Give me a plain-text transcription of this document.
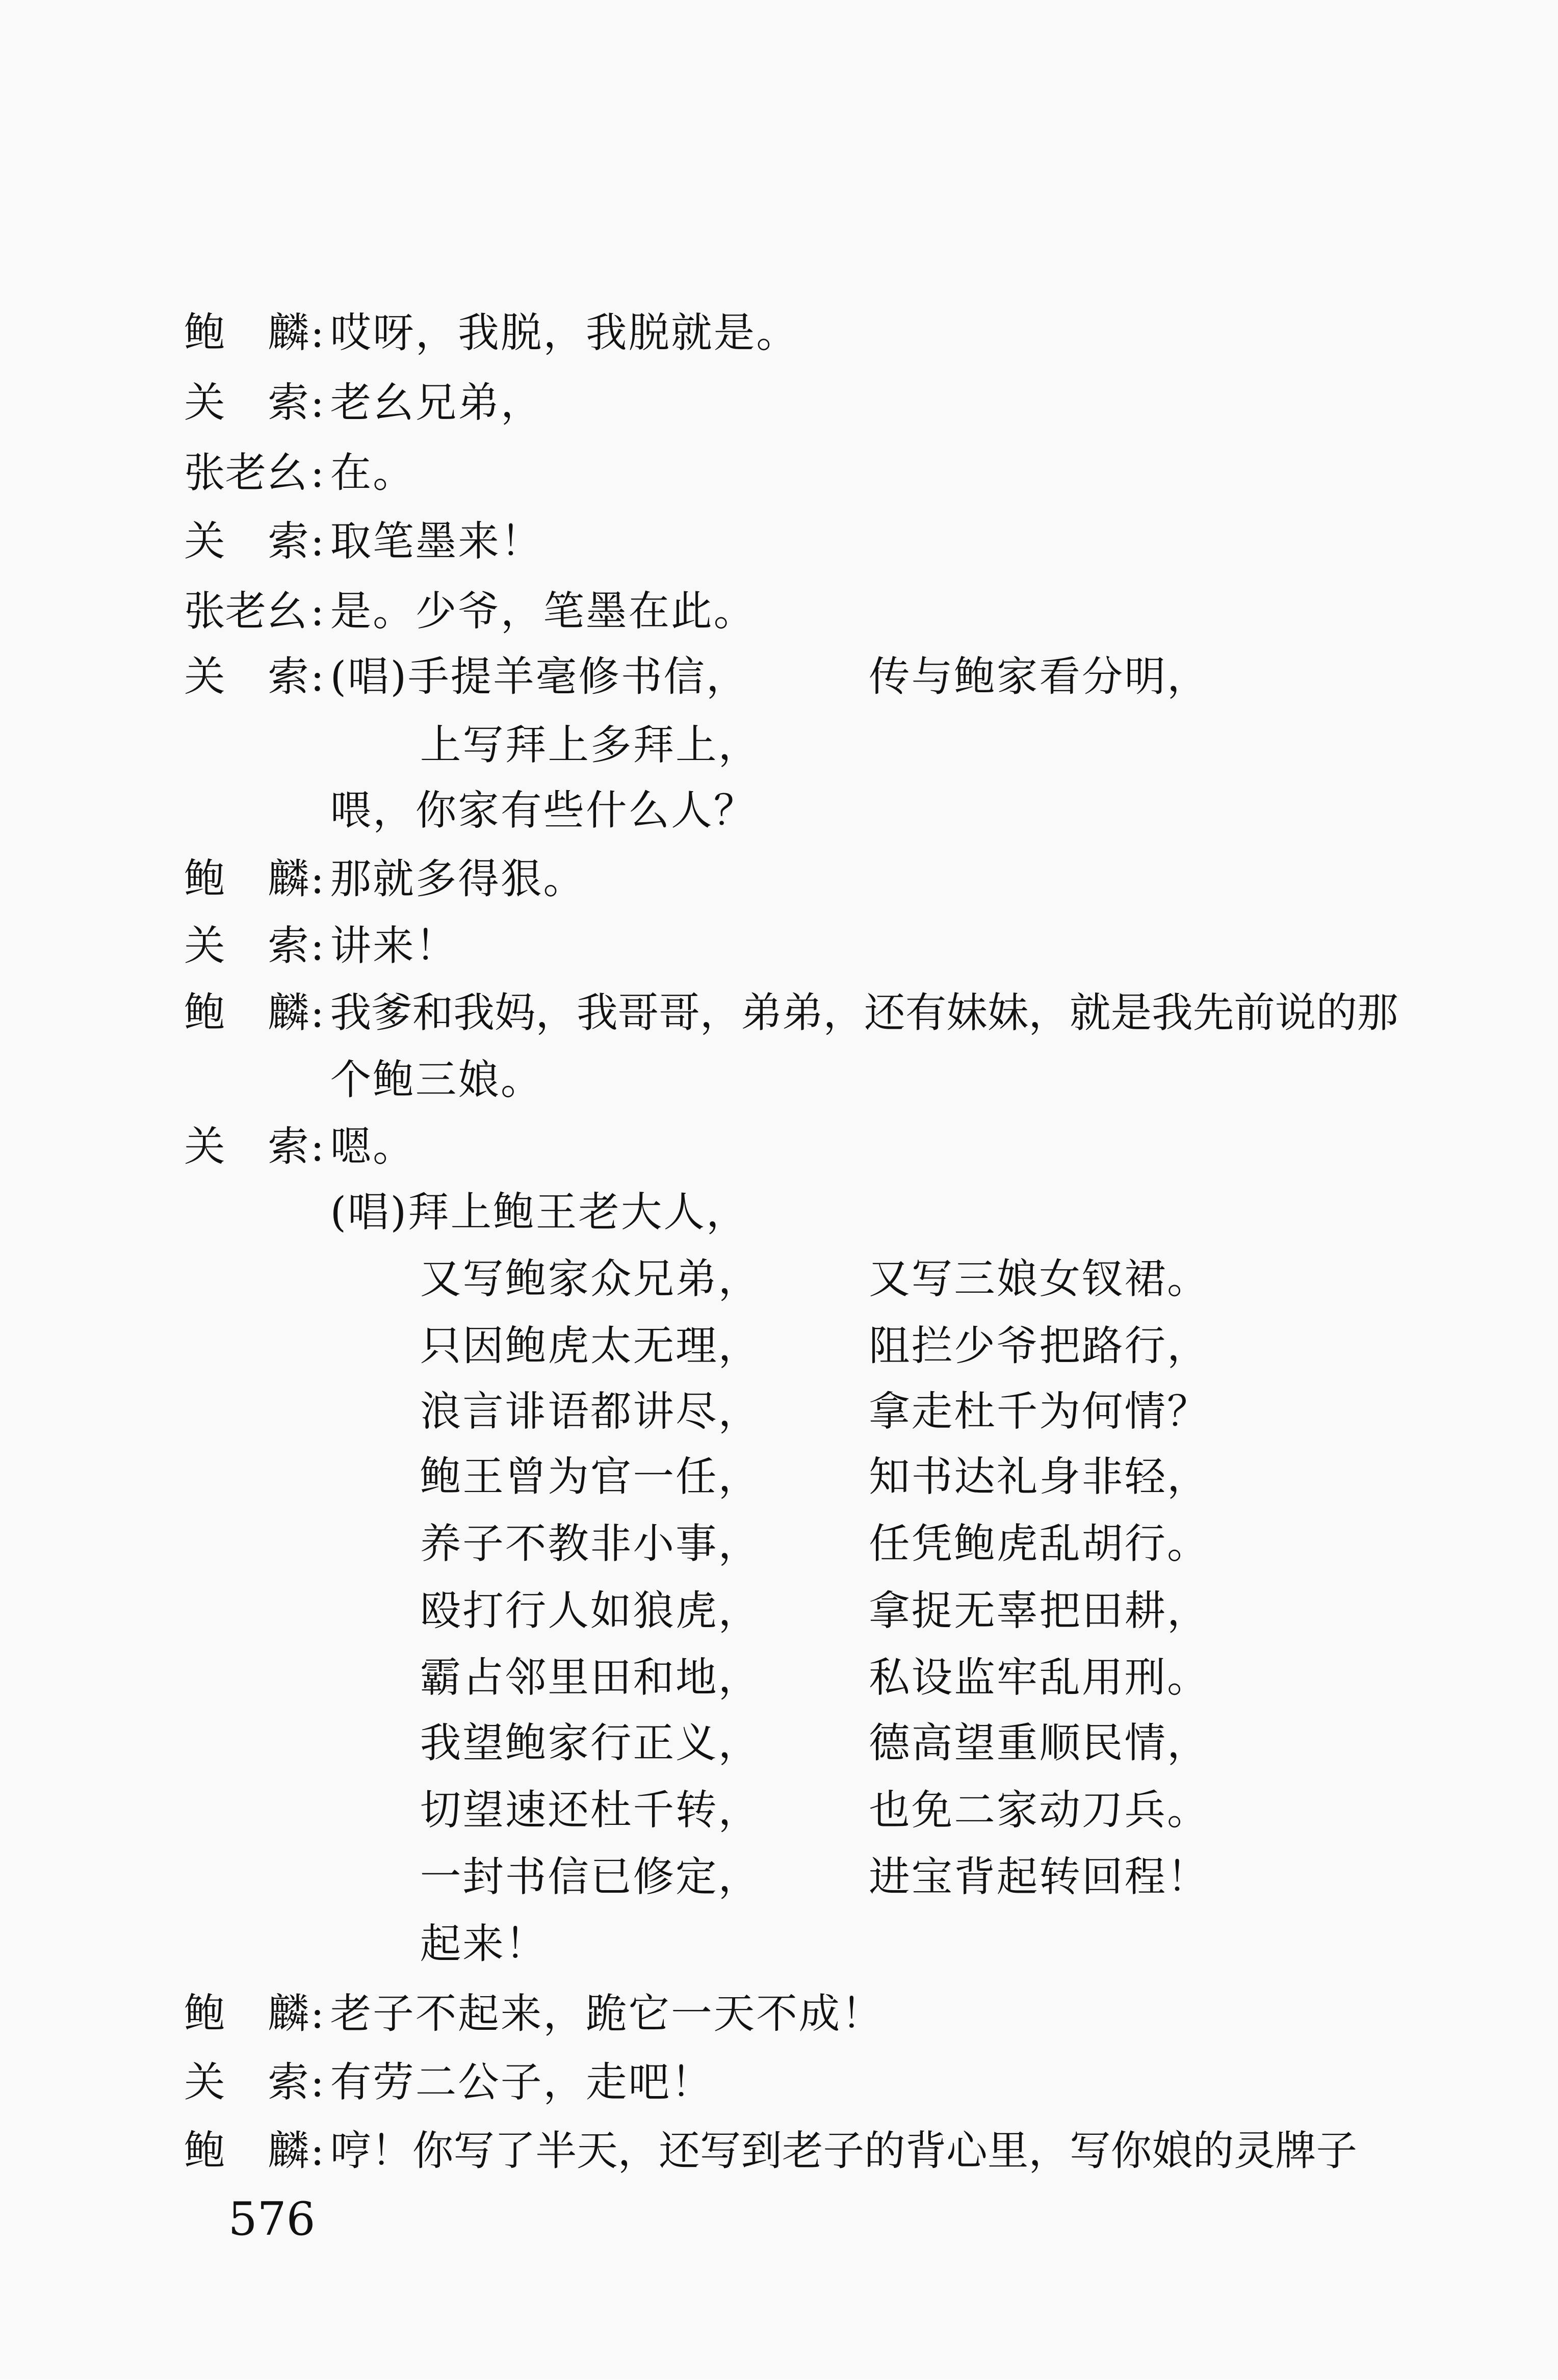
鲍	麟 : 哎呀，我脱，我脱就是。
关	索 : 老幺兄弟，
张老幺 : 在。
关	索 : 取笔墨来！
张老幺 : 是。少爷，笔墨在此。
关	索 : (唱)手提羊毫修书信，	传与鲍家看分明，
上写拜上多拜上，
喂，你家有些什么人？
鲍	麟 : 那就多得狠。
关	索 : 讲来！
鲍	麟 : 我爹和我妈，我哥哥，弟弟，还有妹妹，就是我先前说的那
个鲍三娘。
关	索 : 嗯。
(唱)拜上鲍王老大人，
又写鲍家众兄弟，	又写三娘女钗裙。
只因鲍虎太无理，	阻拦少爷把路行，
浪言诽语都讲尽，	拿走杜千为何情？
鲍王曾为官一任，	知书达礼身非轻，
养子不教非小事，	任凭鲍虎乱胡行。
殴打行人如狼虎，	拿捉无辜把田耕，
霸占邻里田和地，	私设监牢乱用刑。
我望鲍家行正义，	德高望重顺民情，
切望速还杜千转，	也免二家动刀兵。
一封书信已修定，	进宝背起转回程！
起来！
鲍	麟 : 老子不起来，跪它一天不成！
关	索 : 有劳二公子，走吧！
鲍	麟 : 哼！你写了半天，还写到老子的背心里，写你娘的灵牌子
576
